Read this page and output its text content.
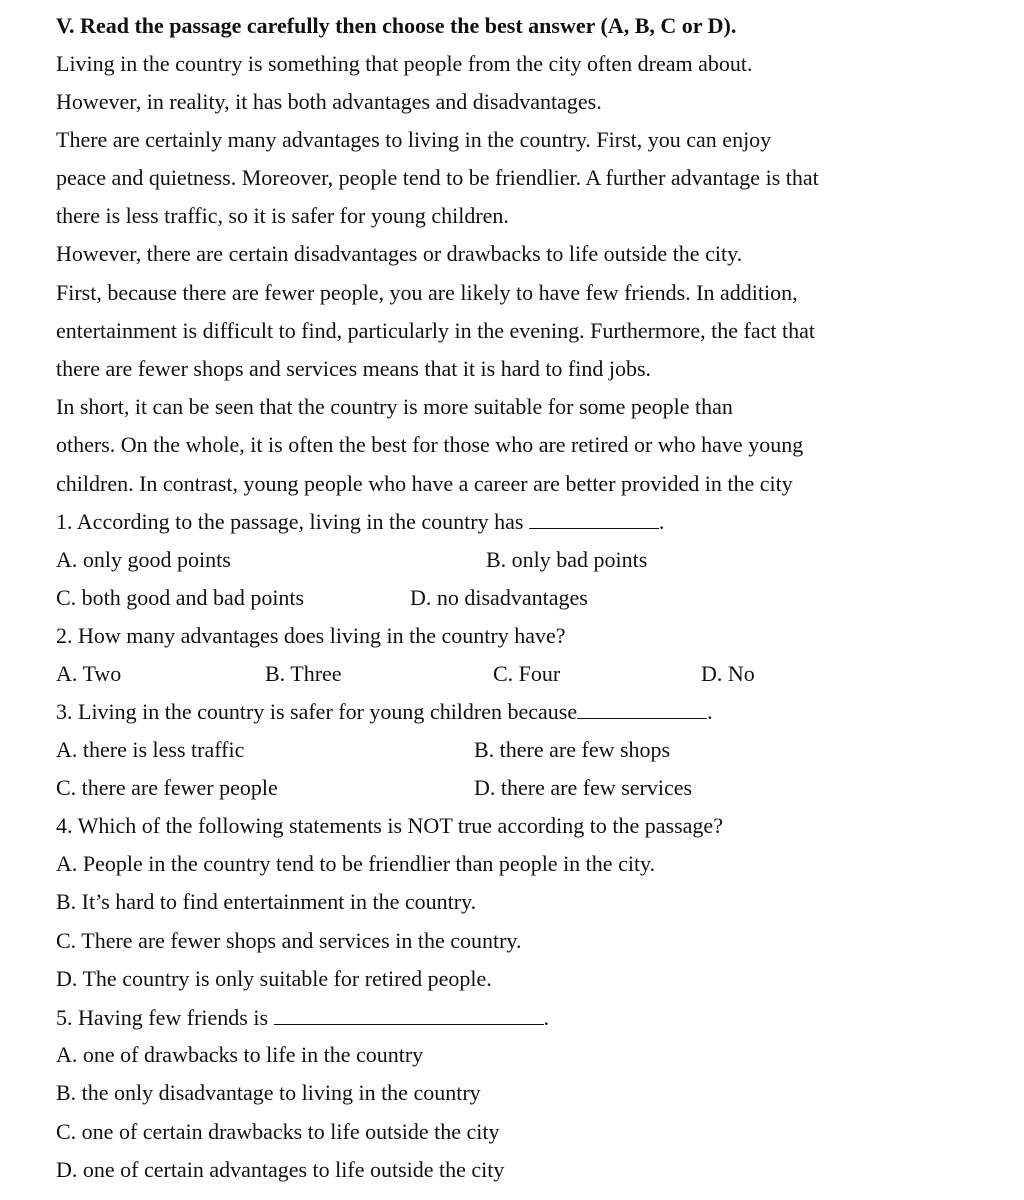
V. Read the passage carefully then choose the best answer (A, B, C or D).
Living in the country is something that people from the city often dream about.
However, in reality, it has both advantages and disadvantages.
There are certainly many advantages to living in the country. First, you can enjoy
peace and quietness. Moreover, people tend to be friendlier. A further advantage is that
there is less traffic, so it is safer for young children.
However, there are certain disadvantages or drawbacks to life outside the city.
First, because there are fewer people, you are likely to have few friends. In addition,
entertainment is difficult to find, particularly in the evening. Furthermore, the fact that
there are fewer shops and services means that it is hard to find jobs.
In short, it can be seen that the country is more suitable for some people than
others. On the whole, it is often the best for those who are retired or who have young
children. In contrast, young people who have a career are better provided in the city
1. According to the passage, living in the country has	.
A. only good points	B. only bad points
C. both good and bad points	D. no disadvantages
2. How many advantages does living in the country have?
A. Two	B. Three	C. Four	D. No
3. Living in the country is safer for young children because	.
A. there is less traffic	B. there are few shops
C. there are fewer people	D. there are few services
4. Which of the following statements is NOT true according to the passage?
A. People in the country tend to be friendlier than people in the city.
B. It’s hard to find entertainment in the country.
C. There are fewer shops and services in the country.
D. The country is only suitable for retired people.
5. Having few friends is	.
A. one of drawbacks to life in the country
B. the only disadvantage to living in the country
C. one of certain drawbacks to life outside the city
D. one of certain advantages to life outside the city
